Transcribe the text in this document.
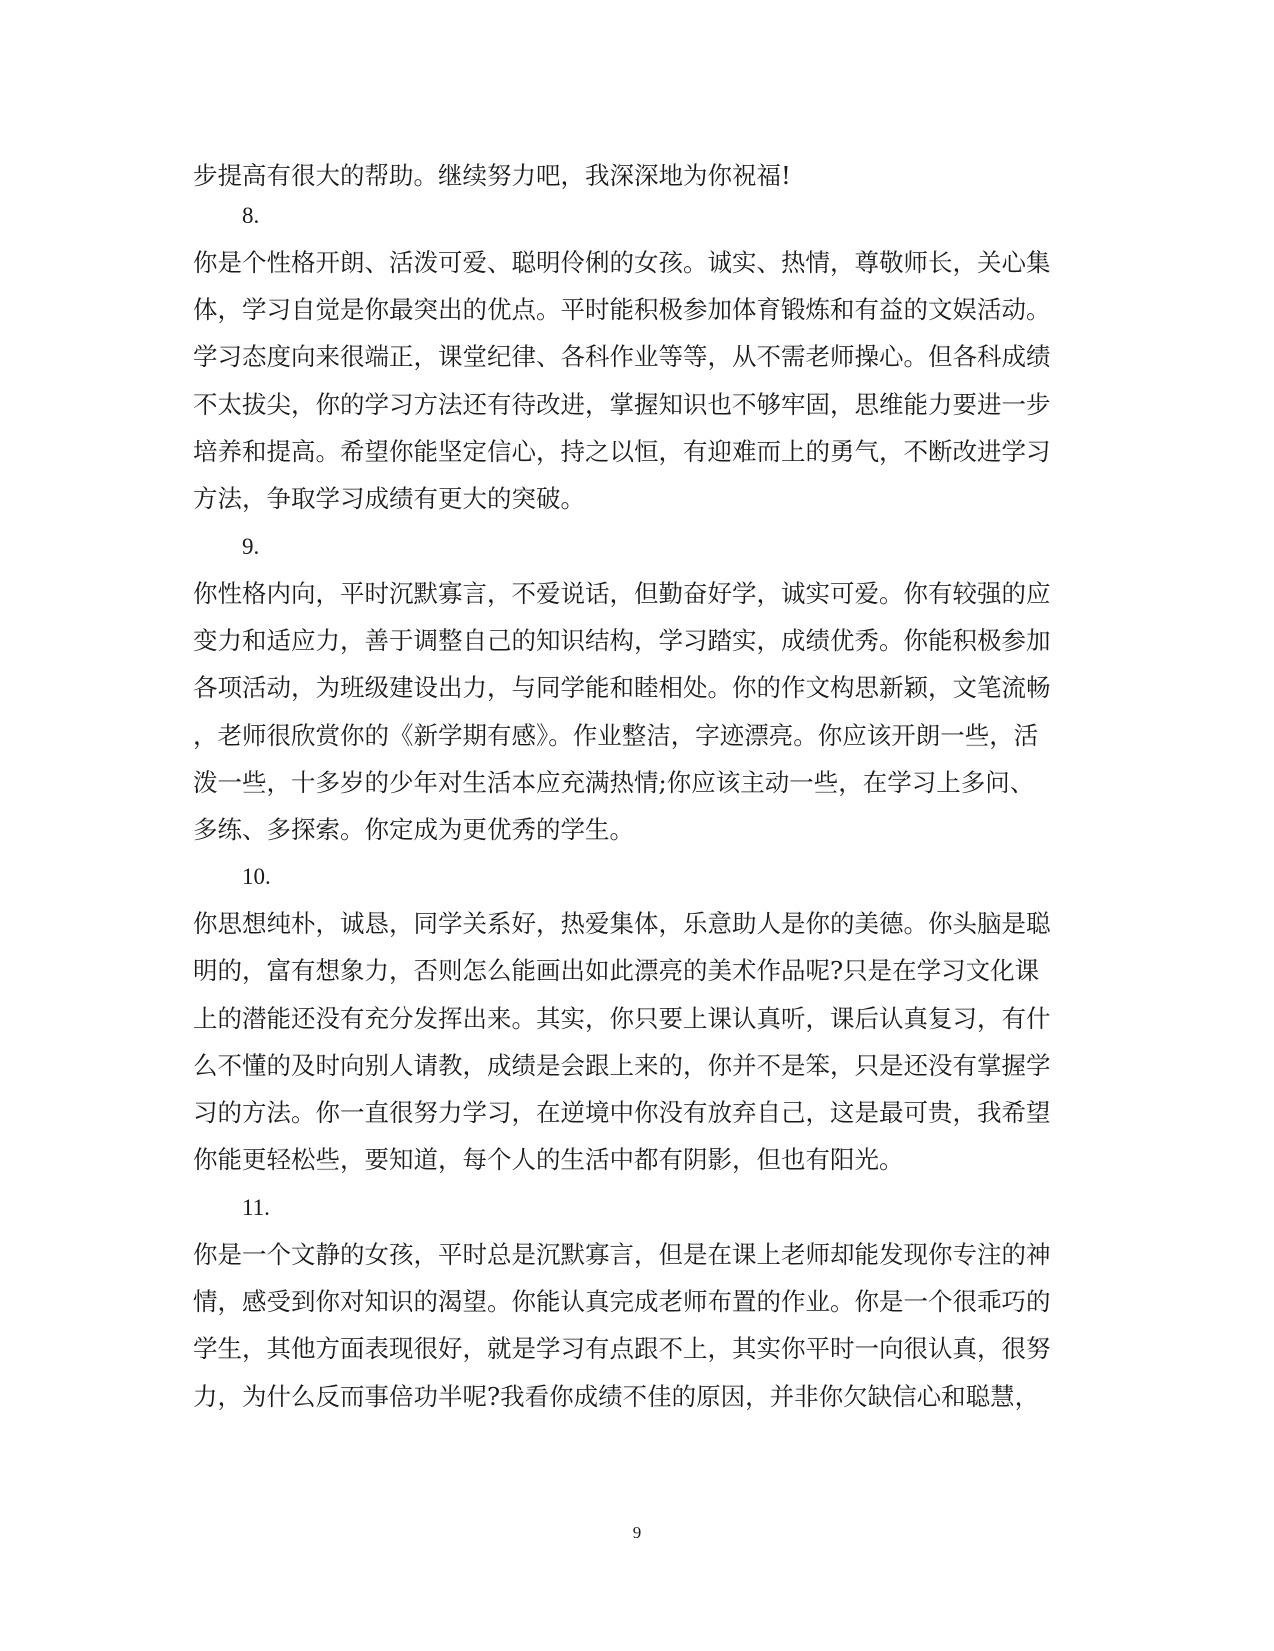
步提高有很大的帮助。继续努力吧，我深深地为你祝福!
8.
你是个性格开朗、活泼可爱、聪明伶俐的女孩。诚实、热情，尊敬师长，关心集
体，学习自觉是你最突出的优点。平时能积极参加体育锻炼和有益的文娱活动。
学习态度向来很端正，课堂纪律、各科作业等等，从不需老师操心。但各科成绩
不太拔尖，你的学习方法还有待改进，掌握知识也不够牢固，思维能力要进一步
培养和提高。希望你能坚定信心，持之以恒，有迎难而上的勇气，不断改进学习
方法，争取学习成绩有更大的突破。
9.
你性格内向，平时沉默寡言，不爱说话，但勤奋好学，诚实可爱。你有较强的应
变力和适应力，善于调整自己的知识结构，学习踏实，成绩优秀。你能积极参加
各项活动，为班级建设出力，与同学能和睦相处。你的作文构思新颖，文笔流畅
，老师很欣赏你的《新学期有感》。作业整洁，字迹漂亮。你应该开朗一些，活
泼一些，十多岁的少年对生活本应充满热情;你应该主动一些，在学习上多问、
多练、多探索。你定成为更优秀的学生。
10.
你思想纯朴，诚恳，同学关系好，热爱集体，乐意助人是你的美德。你头脑是聪
明的，富有想象力，否则怎么能画出如此漂亮的美术作品呢?只是在学习文化课
上的潜能还没有充分发挥出来。其实，你只要上课认真听，课后认真复习，有什
么不懂的及时向别人请教，成绩是会跟上来的，你并不是笨，只是还没有掌握学
习的方法。你一直很努力学习，在逆境中你没有放弃自己，这是最可贵，我希望
你能更轻松些，要知道，每个人的生活中都有阴影，但也有阳光。
11.
你是一个文静的女孩，平时总是沉默寡言，但是在课上老师却能发现你专注的神
情，感受到你对知识的渴望。你能认真完成老师布置的作业。你是一个很乖巧的
学生，其他方面表现很好，就是学习有点跟不上，其实你平时一向很认真，很努
力，为什么反而事倍功半呢?我看你成绩不佳的原因，并非你欠缺信心和聪慧，
9
